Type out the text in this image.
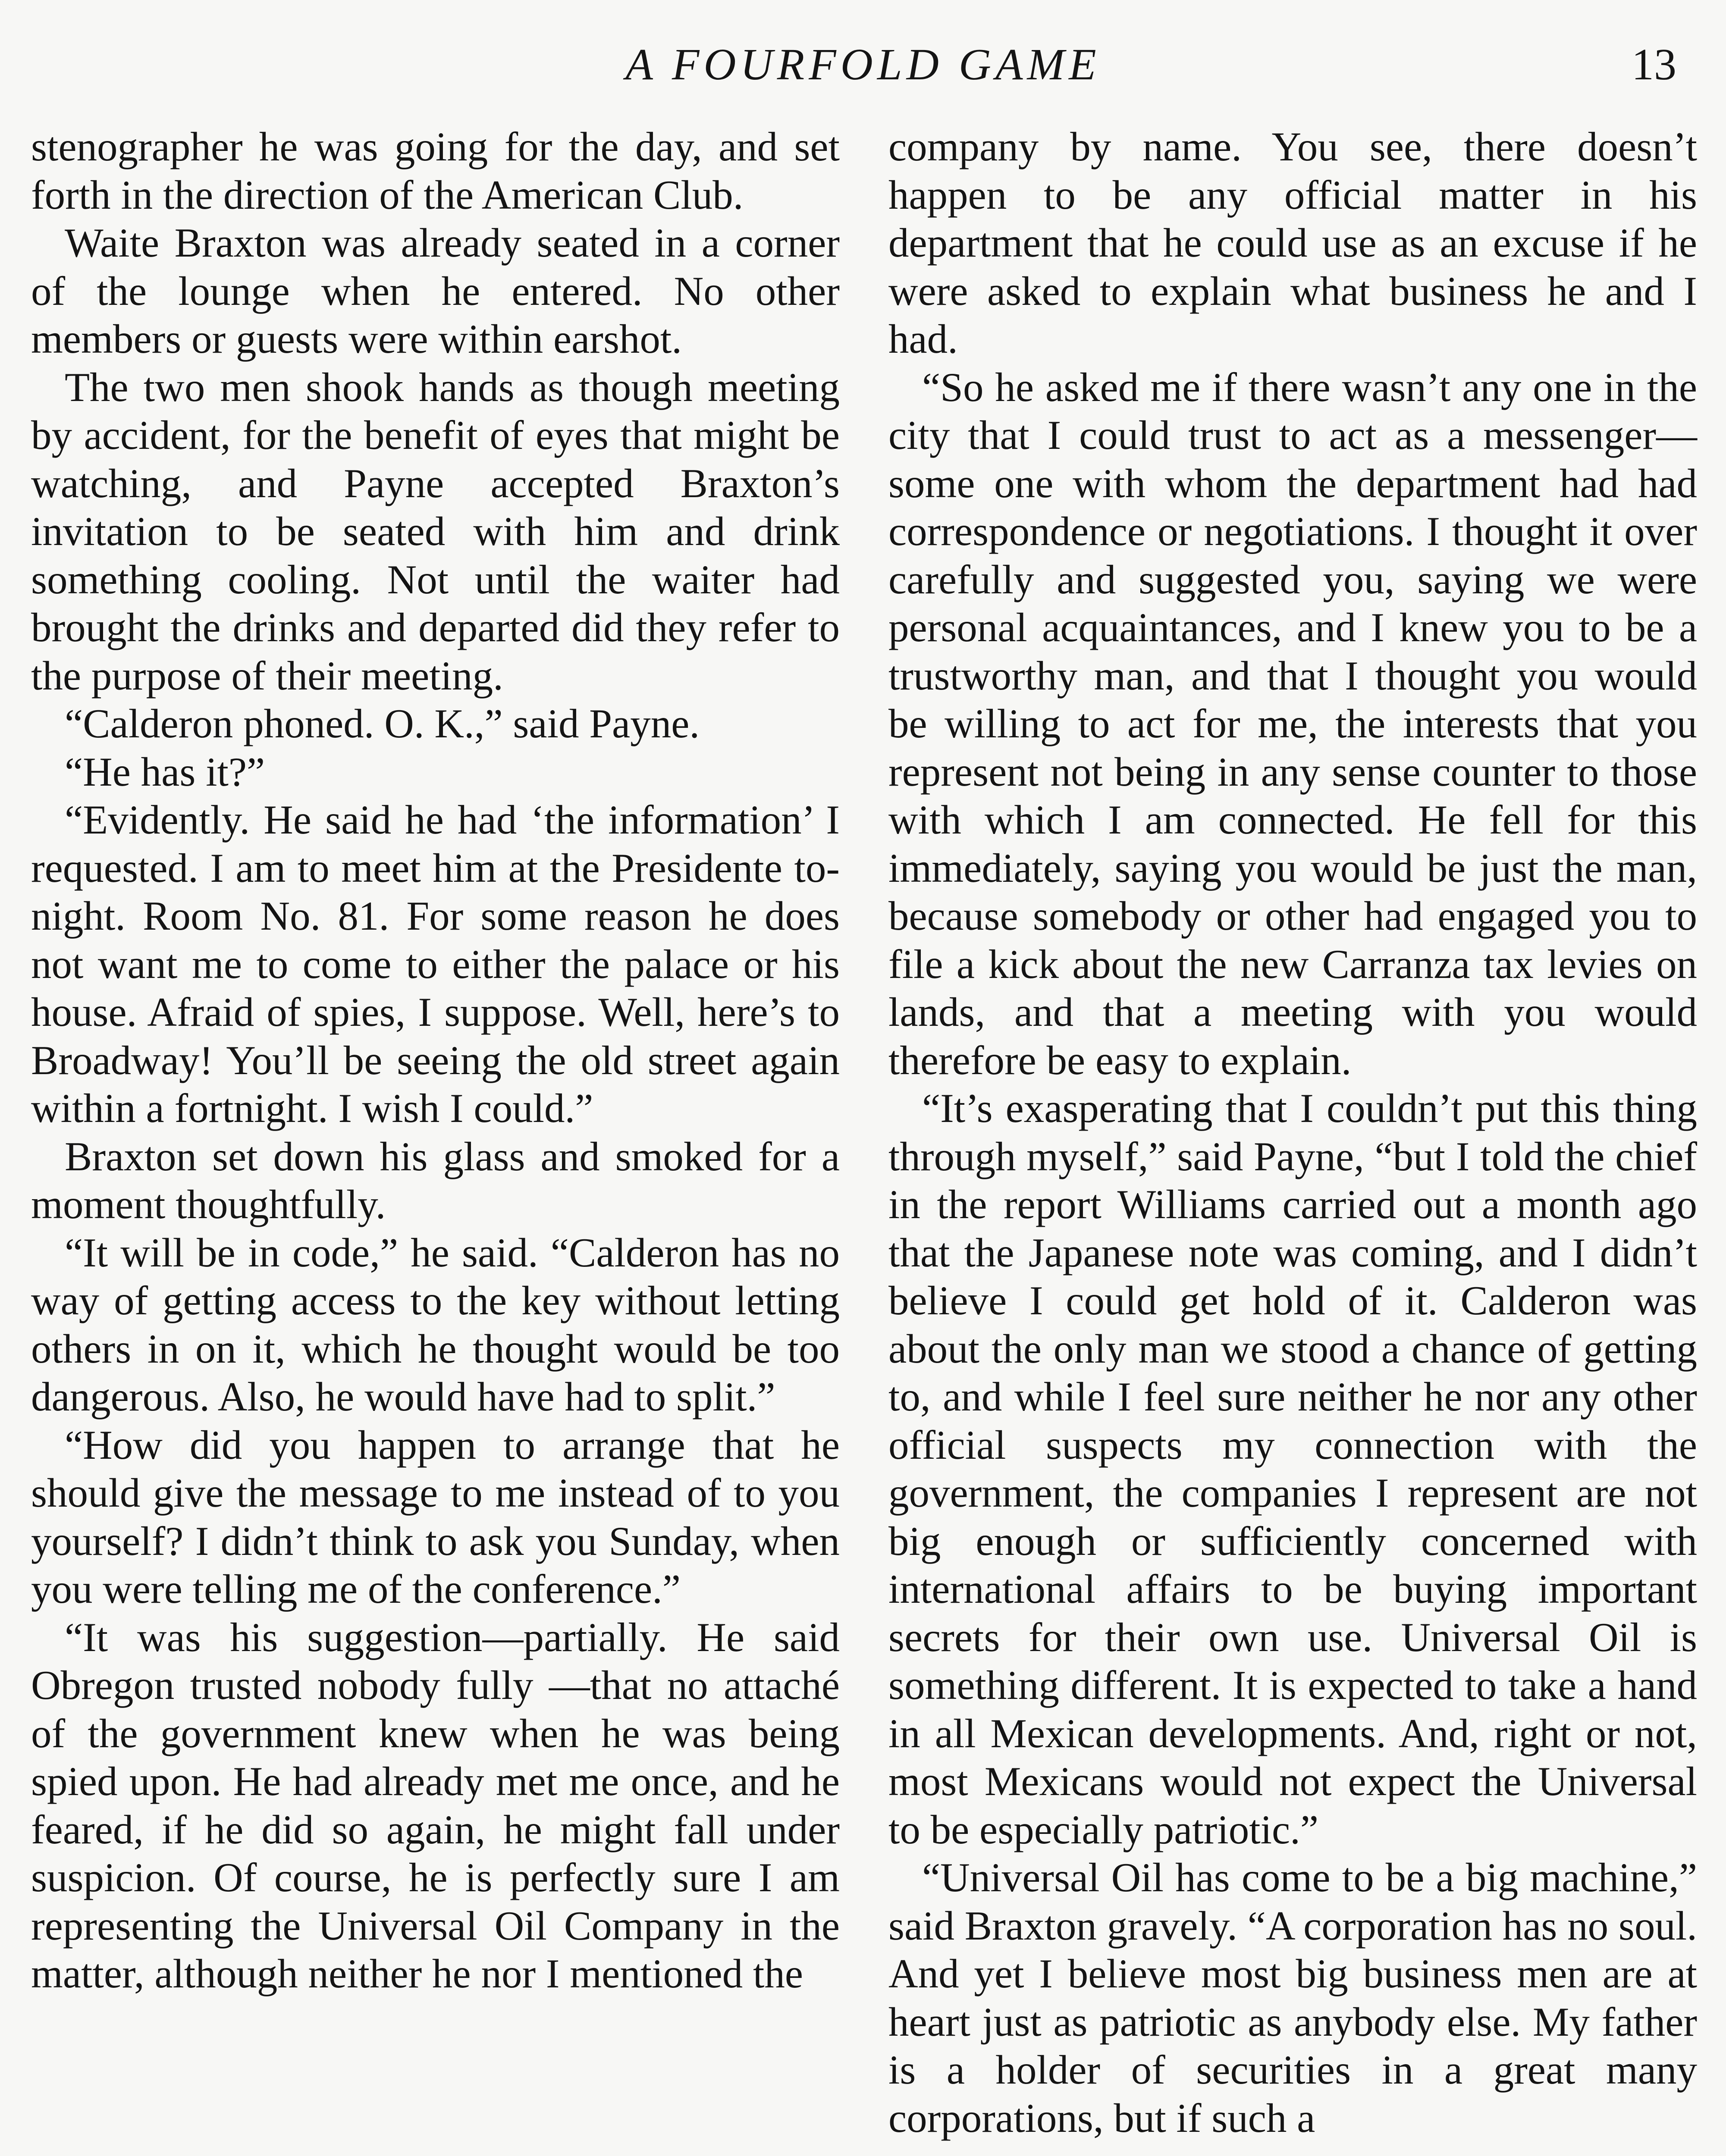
A FOURFOLD GAME	13

stenographer he was going for the day, and set forth in the direction of the American Club.

Waite Braxton was already seated in a corner of the lounge when he entered. No other members or guests were within earshot.

The two men shook hands as though meeting by accident, for the benefit of eyes that might be watching, and Payne accepted Braxton’s invitation to be seated with him and drink something cooling. Not until the waiter had brought the drinks and departed did they refer to the purpose of their meeting.

“Calderon phoned. O. K.,” said Payne.

“He has it?”

“Evidently. He said he had ‘the information’ I requested. I am to meet him at the Presidente to-night. Room No. 81. For some reason he does not want me to come to either the palace or his house. Afraid of spies, I suppose. Well, here’s to Broadway! You’ll be seeing the old street again within a fortnight. I wish I could.”

Braxton set down his glass and smoked for a moment thoughtfully.

“It will be in code,” he said. “Calderon has no way of getting access to the key without letting others in on it, which he thought would be too dangerous. Also, he would have had to split.”

“How did you happen to arrange that he should give the message to me instead of to you yourself? I didn’t think to ask you Sunday, when you were telling me of the conference.”

“It was his suggestion—partially. He said Obregon trusted nobody fully —that no attaché of the government knew when he was being spied upon. He had already met me once, and he feared, if he did so again, he might fall under suspicion. Of course, he is perfectly sure I am representing the Universal Oil Company in the matter, although neither he nor I mentioned the

company by name. You see, there doesn’t happen to be any official matter in his department that he could use as an excuse if he were asked to explain what business he and I had.

“So he asked me if there wasn’t any one in the city that I could trust to act as a messenger—some one with whom the department had had correspondence or negotiations. I thought it over carefully and suggested you, saying we were personal acquaintances, and I knew you to be a trustworthy man, and that I thought you would be willing to act for me, the interests that you represent not being in any sense counter to those with which I am connected. He fell for this immediately, saying you would be just the man, because somebody or other had engaged you to file a kick about the new Carranza tax levies on lands, and that a meeting with you would therefore be easy to explain.

“It’s exasperating that I couldn’t put this thing through myself,” said Payne, “but I told the chief in the report Williams carried out a month ago that the Japanese note was coming, and I didn’t believe I could get hold of it. Calderon was about the only man we stood a chance of getting to, and while I feel sure neither he nor any other official suspects my connection with the government, the companies I represent are not big enough or sufficiently concerned with international affairs to be buying important secrets for their own use. Universal Oil is something different. It is expected to take a hand in all Mexican developments. And, right or not, most Mexicans would not expect the Universal to be especially patriotic.”

“Universal Oil has come to be a big machine,” said Braxton gravely. “A corporation has no soul. And yet I believe most big business men are at heart just as patriotic as anybody else. My father is a holder of securities in a great many corporations, but if such a
